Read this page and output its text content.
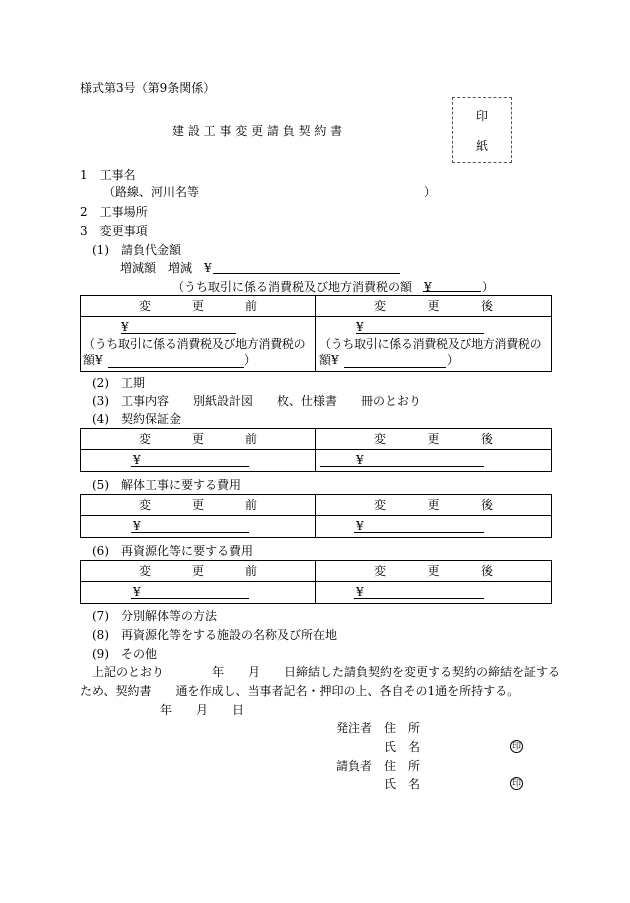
様式第3号（第9条関係）
建 設 工 事 変 更 請 負 契 約 書
印
紙
1　工事名
（路線、河川名等	）
2　工事場所
3　変更事項
(1)　請負代金額
増減額　増減　¥
（うち取引に係る消費税及び地方消費税の額　¥	）
変 更 前	変 更 後

¥
（うち取引に係る消費税及び地方消費税の
額¥ ）	¥
（うち取引に係る消費税及び地方消費税の
額¥ ）
(2)　工期
(3)　工事内容　　別紙設計図　　枚、仕様書　　冊のとおり
(4)　契約保証金
変 更 前	変 更 後

¥	¥
(5)　解体工事に要する費用
変 更 前	変 更 後

¥	¥
(6)　再資源化等に要する費用
変 更 前	変 更 後

¥	¥
(7)　分別解体等の方法
(8)　再資源化等をする施設の名称及び所在地
(9)　その他
上記のとおり　　　　年　　月　　日締結した請負契約を変更する契約の締結を証する
ため、契約書　　通を作成し、当事者記名・押印の上、各自その1通を所持する。
年　　月　　日
発注者 住　所
氏　名	印
請負者 住　所
氏　名	印
